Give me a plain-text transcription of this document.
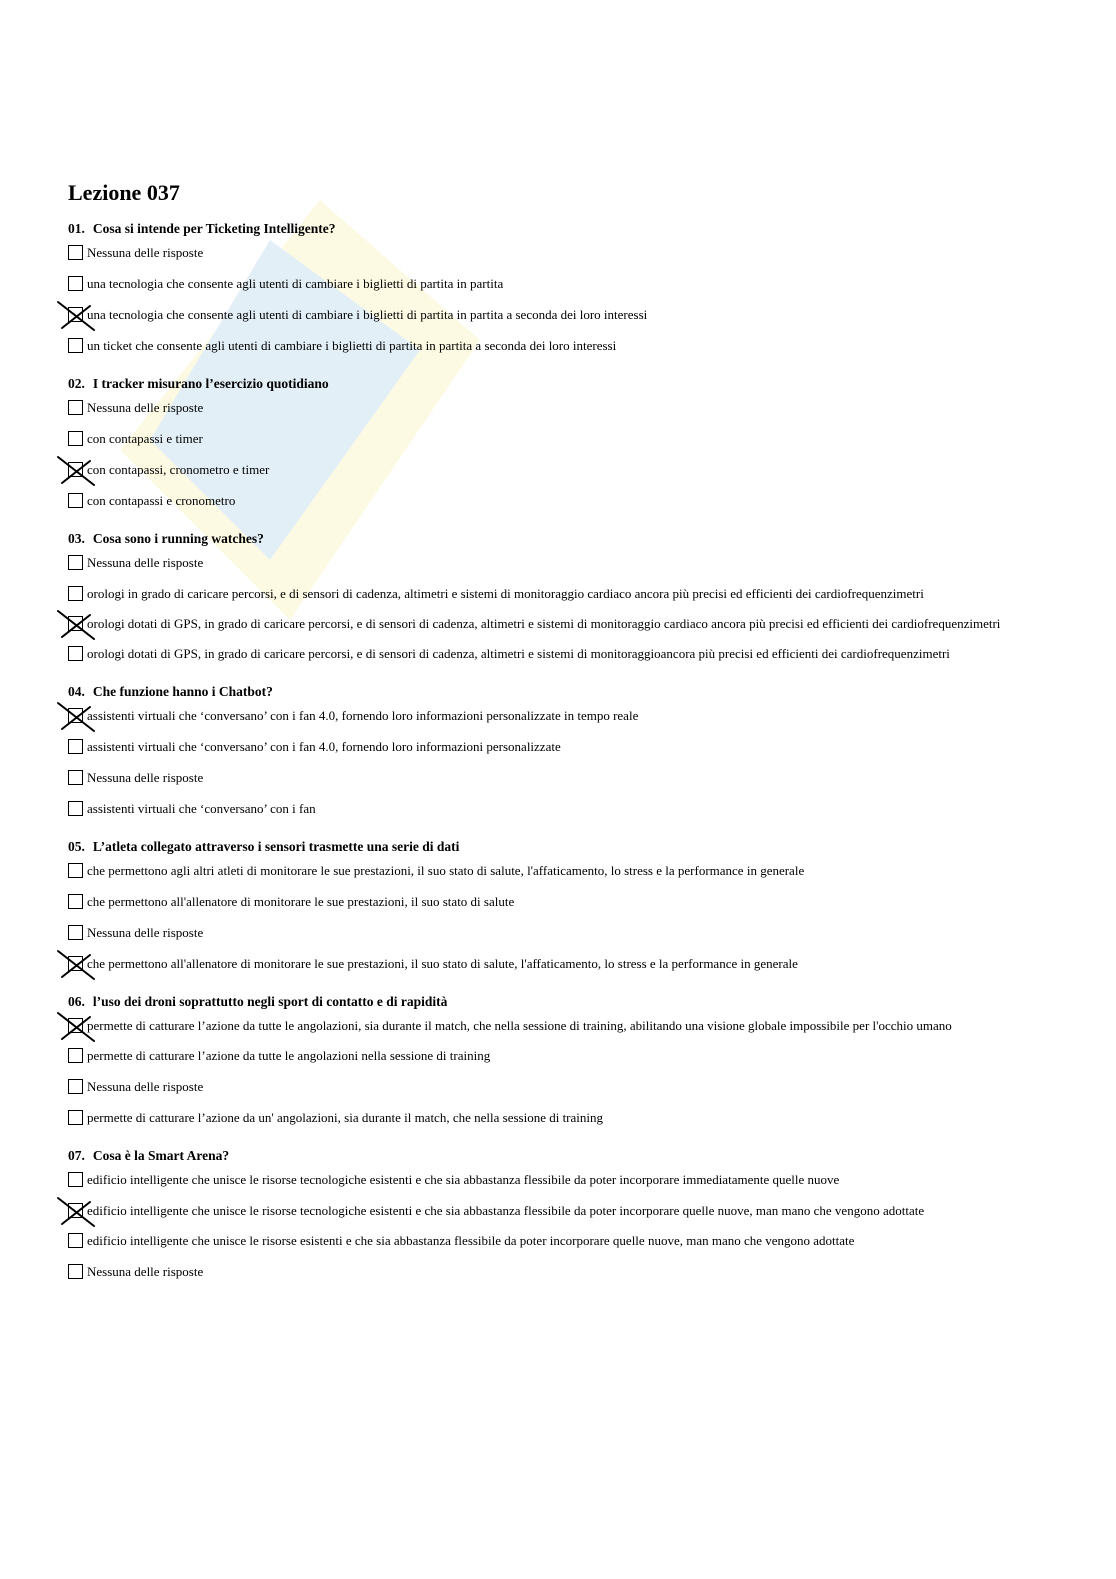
Lezione 037
01. Cosa si intende per Ticketing Intelligente?
Nessuna delle risposte
una tecnologia che consente agli utenti di cambiare i biglietti di partita in partita
una tecnologia che consente agli utenti di cambiare i biglietti di partita in partita a seconda dei loro interessi
un ticket che consente agli utenti di cambiare i biglietti di partita in partita a seconda dei loro interessi
02. I tracker misurano l’esercizio quotidiano
Nessuna delle risposte
con contapassi e timer
con contapassi, cronometro e timer
con contapassi e cronometro
03. Cosa sono i running watches?
Nessuna delle risposte
orologi in grado di caricare percorsi, e di sensori di cadenza, altimetri e sistemi di monitoraggio cardiaco ancora più precisi ed efficienti dei cardiofrequenzimetri
orologi dotati di GPS, in grado di caricare percorsi, e di sensori di cadenza, altimetri e sistemi di monitoraggio cardiaco ancora più precisi ed efficienti dei cardiofrequenzimetri
orologi dotati di GPS, in grado di caricare percorsi, e di sensori di cadenza, altimetri e sistemi di monitoraggioancora più precisi ed efficienti dei cardiofrequenzimetri
04. Che funzione hanno i Chatbot?
assistenti virtuali che ‘conversano’ con i fan 4.0, fornendo loro informazioni personalizzate in tempo reale
assistenti virtuali che ‘conversano’ con i fan 4.0, fornendo loro informazioni personalizzate
Nessuna delle risposte
assistenti virtuali che ‘conversano’ con i fan
05. L’atleta collegato attraverso i sensori trasmette una serie di dati
che permettono agli altri atleti di monitorare le sue prestazioni, il suo stato di salute, l'affaticamento, lo stress e la performance in generale
che permettono all'allenatore di monitorare le sue prestazioni, il suo stato di salute
Nessuna delle risposte
che permettono all'allenatore di monitorare le sue prestazioni, il suo stato di salute, l'affaticamento, lo stress e la performance in generale
06. l’uso dei droni soprattutto negli sport di contatto e di rapidità
permette di catturare l’azione da tutte le angolazioni, sia durante il match, che nella sessione di training, abilitando una visione globale impossibile per l'occhio umano
permette di catturare l’azione da tutte le angolazioni nella sessione di training
Nessuna delle risposte
permette di catturare l’azione da un' angolazioni, sia durante il match, che nella sessione di training
07. Cosa è la Smart Arena?
edificio intelligente che unisce le risorse tecnologiche esistenti e che sia abbastanza flessibile da poter incorporare immediatamente quelle nuove
edificio intelligente che unisce le risorse tecnologiche esistenti e che sia abbastanza flessibile da poter incorporare quelle nuove, man mano che vengono adottate
edificio intelligente che unisce le risorse esistenti e che sia abbastanza flessibile da poter incorporare quelle nuove, man mano che vengono adottate
Nessuna delle risposte
